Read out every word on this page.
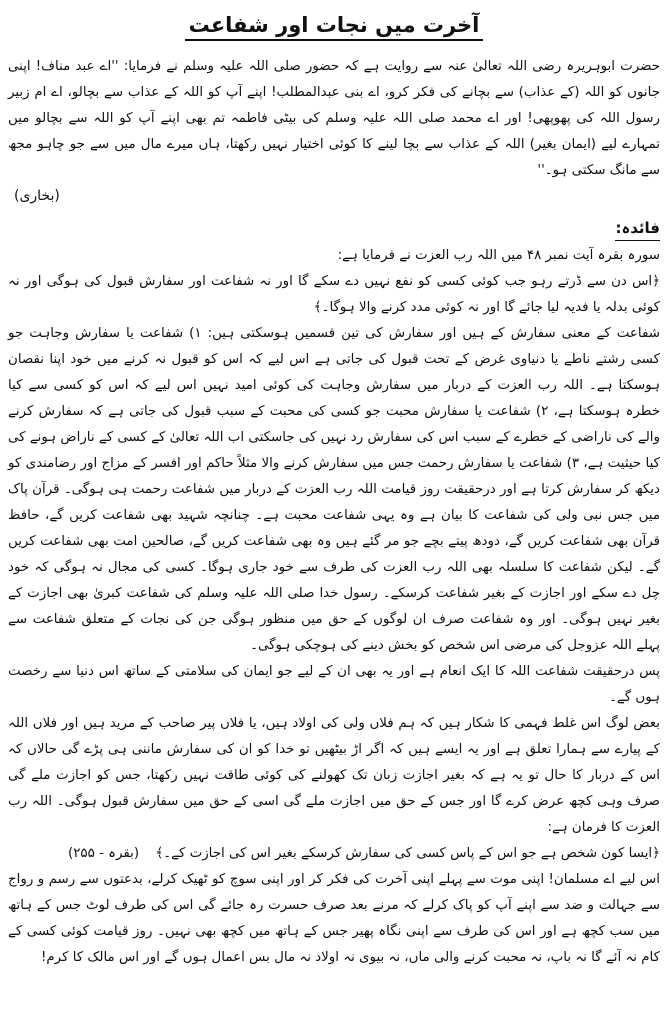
آخرت میں نجات اور شفاعت
حضرت ابوہریرہ رضی اللہ تعالیٰ عنہ سے روایت ہے کہ حضور صلی اللہ علیہ وسلم نے فرمایا: ''اے عبد مناف! اپنی جانوں کو اللہ (کے عذاب) سے بچانے کی فکر کرو، اے بنی عبدالمطلب! اپنے آپ کو اللہ کے عذاب سے بچالو، اے ام زبیر رسول اللہ کی پھوپھی! اور اے محمد صلی اللہ علیہ وسلم کی بیٹی فاطمہ تم بھی اپنے آپ کو اللہ سے بچالو میں تمہارے لیے (ایمان بغیر) اللہ کے عذاب سے بچا لینے کا کوئی اختیار نہیں رکھتا، ہاں میرے مال میں سے جو چاہو مجھ سے مانگ سکتی ہو۔''
(بخاری)
فائدہ:
سورہ بقرہ آیت نمبر ۴۸ میں اللہ رب العزت نے فرمایا ہے:
﴿اس دن سے ڈرتے رہو جب کوئی کسی کو نفع نہیں دے سکے گا اور نہ شفاعت اور سفارش قبول کی ہوگی اور نہ کوئی بدلہ یا فدیہ لیا جائے گا اور نہ کوئی مدد کرنے والا ہوگا۔﴾
شفاعت کے معنی سفارش کے ہیں اور سفارش کی تین قسمیں ہوسکتی ہیں: ۱) شفاعت یا سفارش وجاہت جو کسی رشتے ناطے یا دنیاوی غرض کے تحت قبول کی جاتی ہے اس لیے کہ اس کو قبول نہ کرنے میں خود اپنا نقصان ہوسکتا ہے۔ اللہ رب العزت کے دربار میں سفارش وجاہت کی کوئی امید نہیں اس لیے کہ اس کو کسی سے کیا خطرہ ہوسکتا ہے، ۲) شفاعت یا سفارش محبت جو کسی کی محبت کے سبب قبول کی جاتی ہے کہ سفارش کرنے والے کی ناراضی کے خطرے کے سبب اس کی سفارش رد نہیں کی جاسکتی اب اللہ تعالیٰ کے کسی کے ناراض ہونے کی کیا حیثیت ہے، ۳) شفاعت یا سفارش رحمت جس میں سفارش کرنے والا مثلاً حاکم اور افسر کے مزاج اور رضامندی کو دیکھ کر سفارش کرتا ہے اور درحقیقت روز قیامت اللہ رب العزت کے دربار میں شفاعت رحمت ہی ہوگی۔ قرآن پاک میں جس نبی ولی کی شفاعت کا بیان ہے وہ یہی شفاعت محبت ہے۔ چنانچہ شہید بھی شفاعت کریں گے، حافظ قرآن بھی شفاعت کریں گے، دودھ پیتے بچے جو مر گئے ہیں وہ بھی شفاعت کریں گے، صالحین امت بھی شفاعت کریں گے۔ لیکن شفاعت کا سلسلہ بھی اللہ رب العزت کی طرف سے خود جاری ہوگا۔ کسی کی مجال نہ ہوگی کہ خود چل دے سکے اور اجازت کے بغیر شفاعت کرسکے۔ رسول خدا صلی اللہ علیہ وسلم کی شفاعت کبریٰ بھی اجازت کے بغیر نہیں ہوگی۔ اور وہ شفاعت صرف ان لوگوں کے حق میں منظور ہوگی جن کی نجات کے متعلق شفاعت سے پہلے اللہ عزوجل کی مرضی اس شخص کو بخش دینے کی ہوچکی ہوگی۔
پس درحقیقت شفاعت اللہ کا ایک انعام ہے اور یہ بھی ان کے لیے جو ایمان کی سلامتی کے ساتھ اس دنیا سے رخصت ہوں گے۔
بعض لوگ اس غلط فہمی کا شکار ہیں کہ ہم فلاں ولی کی اولاد ہیں، یا فلاں پیر صاحب کے مرید ہیں اور فلاں اللہ کے پیارے سے ہمارا تعلق ہے اور یہ ایسے ہیں کہ اگر اڑ بیٹھیں تو خدا کو ان کی سفارش ماننی ہی پڑے گی حالاں کہ اس کے دربار کا حال تو یہ ہے کہ بغیر اجازت زبان تک کھولنے کی کوئی طاقت نہیں رکھتا، جس کو اجازت ملے گی صرف وہی کچھ عرض کرے گا اور جس کے حق میں اجازت ملے گی اسی کے حق میں سفارش قبول ہوگی۔ اللہ رب العزت کا فرمان ہے:
﴿ایسا کون شخص ہے جو اس کے پاس کسی کی سفارش کرسکے بغیر اس کی اجازت کے۔﴾
(بقرہ - ۲۵۵)
اس لیے اے مسلمان! اپنی موت سے پہلے اپنی آخرت کی فکر کر اور اپنی سوچ کو ٹھیک کرلے، بدعتوں سے رسم و رواج سے جہالت و ضد سے اپنے آپ کو پاک کرلے کہ مرنے بعد صرف حسرت رہ جائے گی اس کی طرف لوٹ جس کے ہاتھ میں سب کچھ ہے اور اس کی طرف سے اپنی نگاہ پھیر جس کے ہاتھ میں کچھ بھی نہیں۔ روز قیامت کوئی کسی کے کام نہ آئے گا نہ باپ، نہ محبت کرنے والی ماں، نہ بیوی نہ اولاد نہ مال بس اعمال ہوں گے اور اس مالک کا کرم!
